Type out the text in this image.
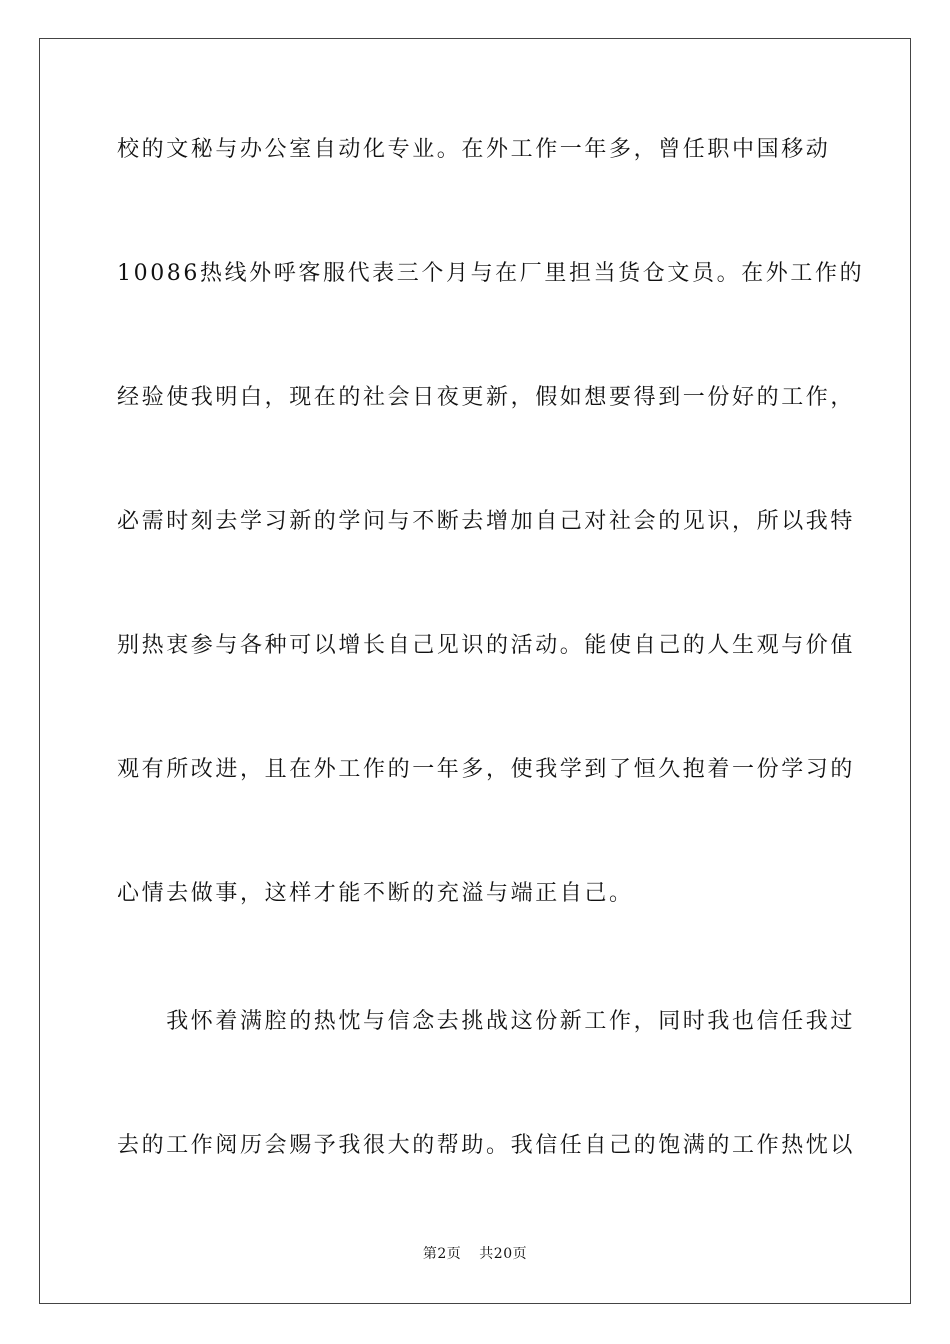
校的文秘与办公室自动化专业。在外工作一年多，曾任职中国移动
10086热线外呼客服代表三个月与在厂里担当货仓文员。在外工作的
经验使我明白，现在的社会日夜更新，假如想要得到一份好的工作，
必需时刻去学习新的学问与不断去增加自己对社会的见识，所以我特
别热衷参与各种可以增长自己见识的活动。能使自己的人生观与价值
观有所改进，且在外工作的一年多，使我学到了恒久抱着一份学习的
心情去做事，这样才能不断的充溢与端正自己。
　　我怀着满腔的热忱与信念去挑战这份新工作，同时我也信任我过
去的工作阅历会赐予我很大的帮助。我信任自己的饱满的工作热忱以
第2页 共20页
